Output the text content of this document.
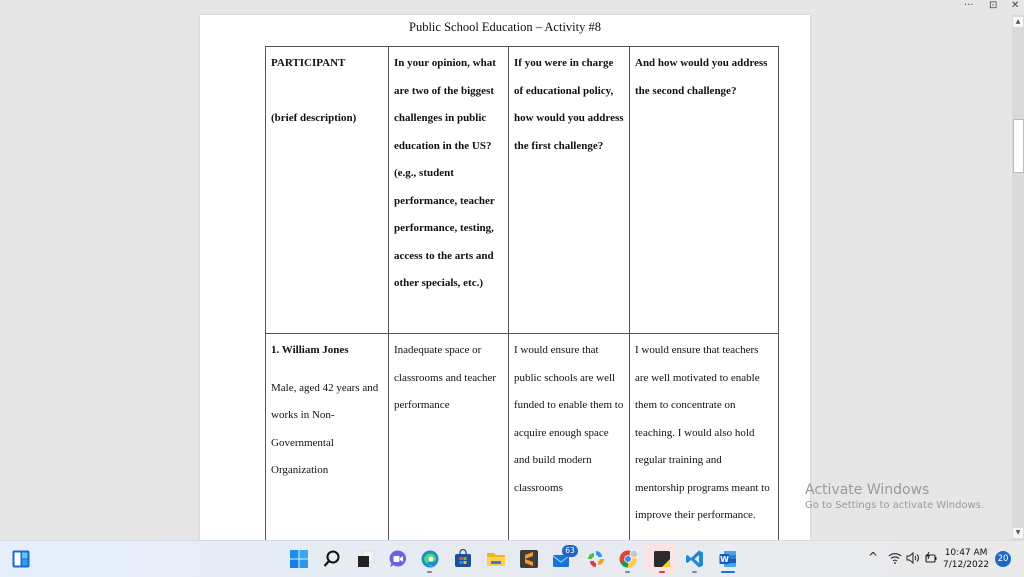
··· ⊡ ✕
Public School Education – Activity #8

PARTICIPANT

(brief description)	In your opinion, what are two of the biggest challenges in public education in the US? (e.g., student performance, teacher performance, testing, access to the arts and other specials, etc.)	If you were in charge of educational policy, how would you address the first challenge?	And how would you address the second challenge?

1. William Jones
Male, aged 42 years and works in Non-Governmental Organization	Inadequate space or classrooms and teacher performance	I would ensure that public schools are well funded to enable them to acquire enough space and build modern classrooms	I would ensure that teachers are well motivated to enable them to concentrate on teaching. I would also hold regular training and mentorship programs meant to improve their performance.
▲
▼
Activate Windows
Go to Settings to activate Windows.
63
W	^	10:47 AM
7/12/2022
20
